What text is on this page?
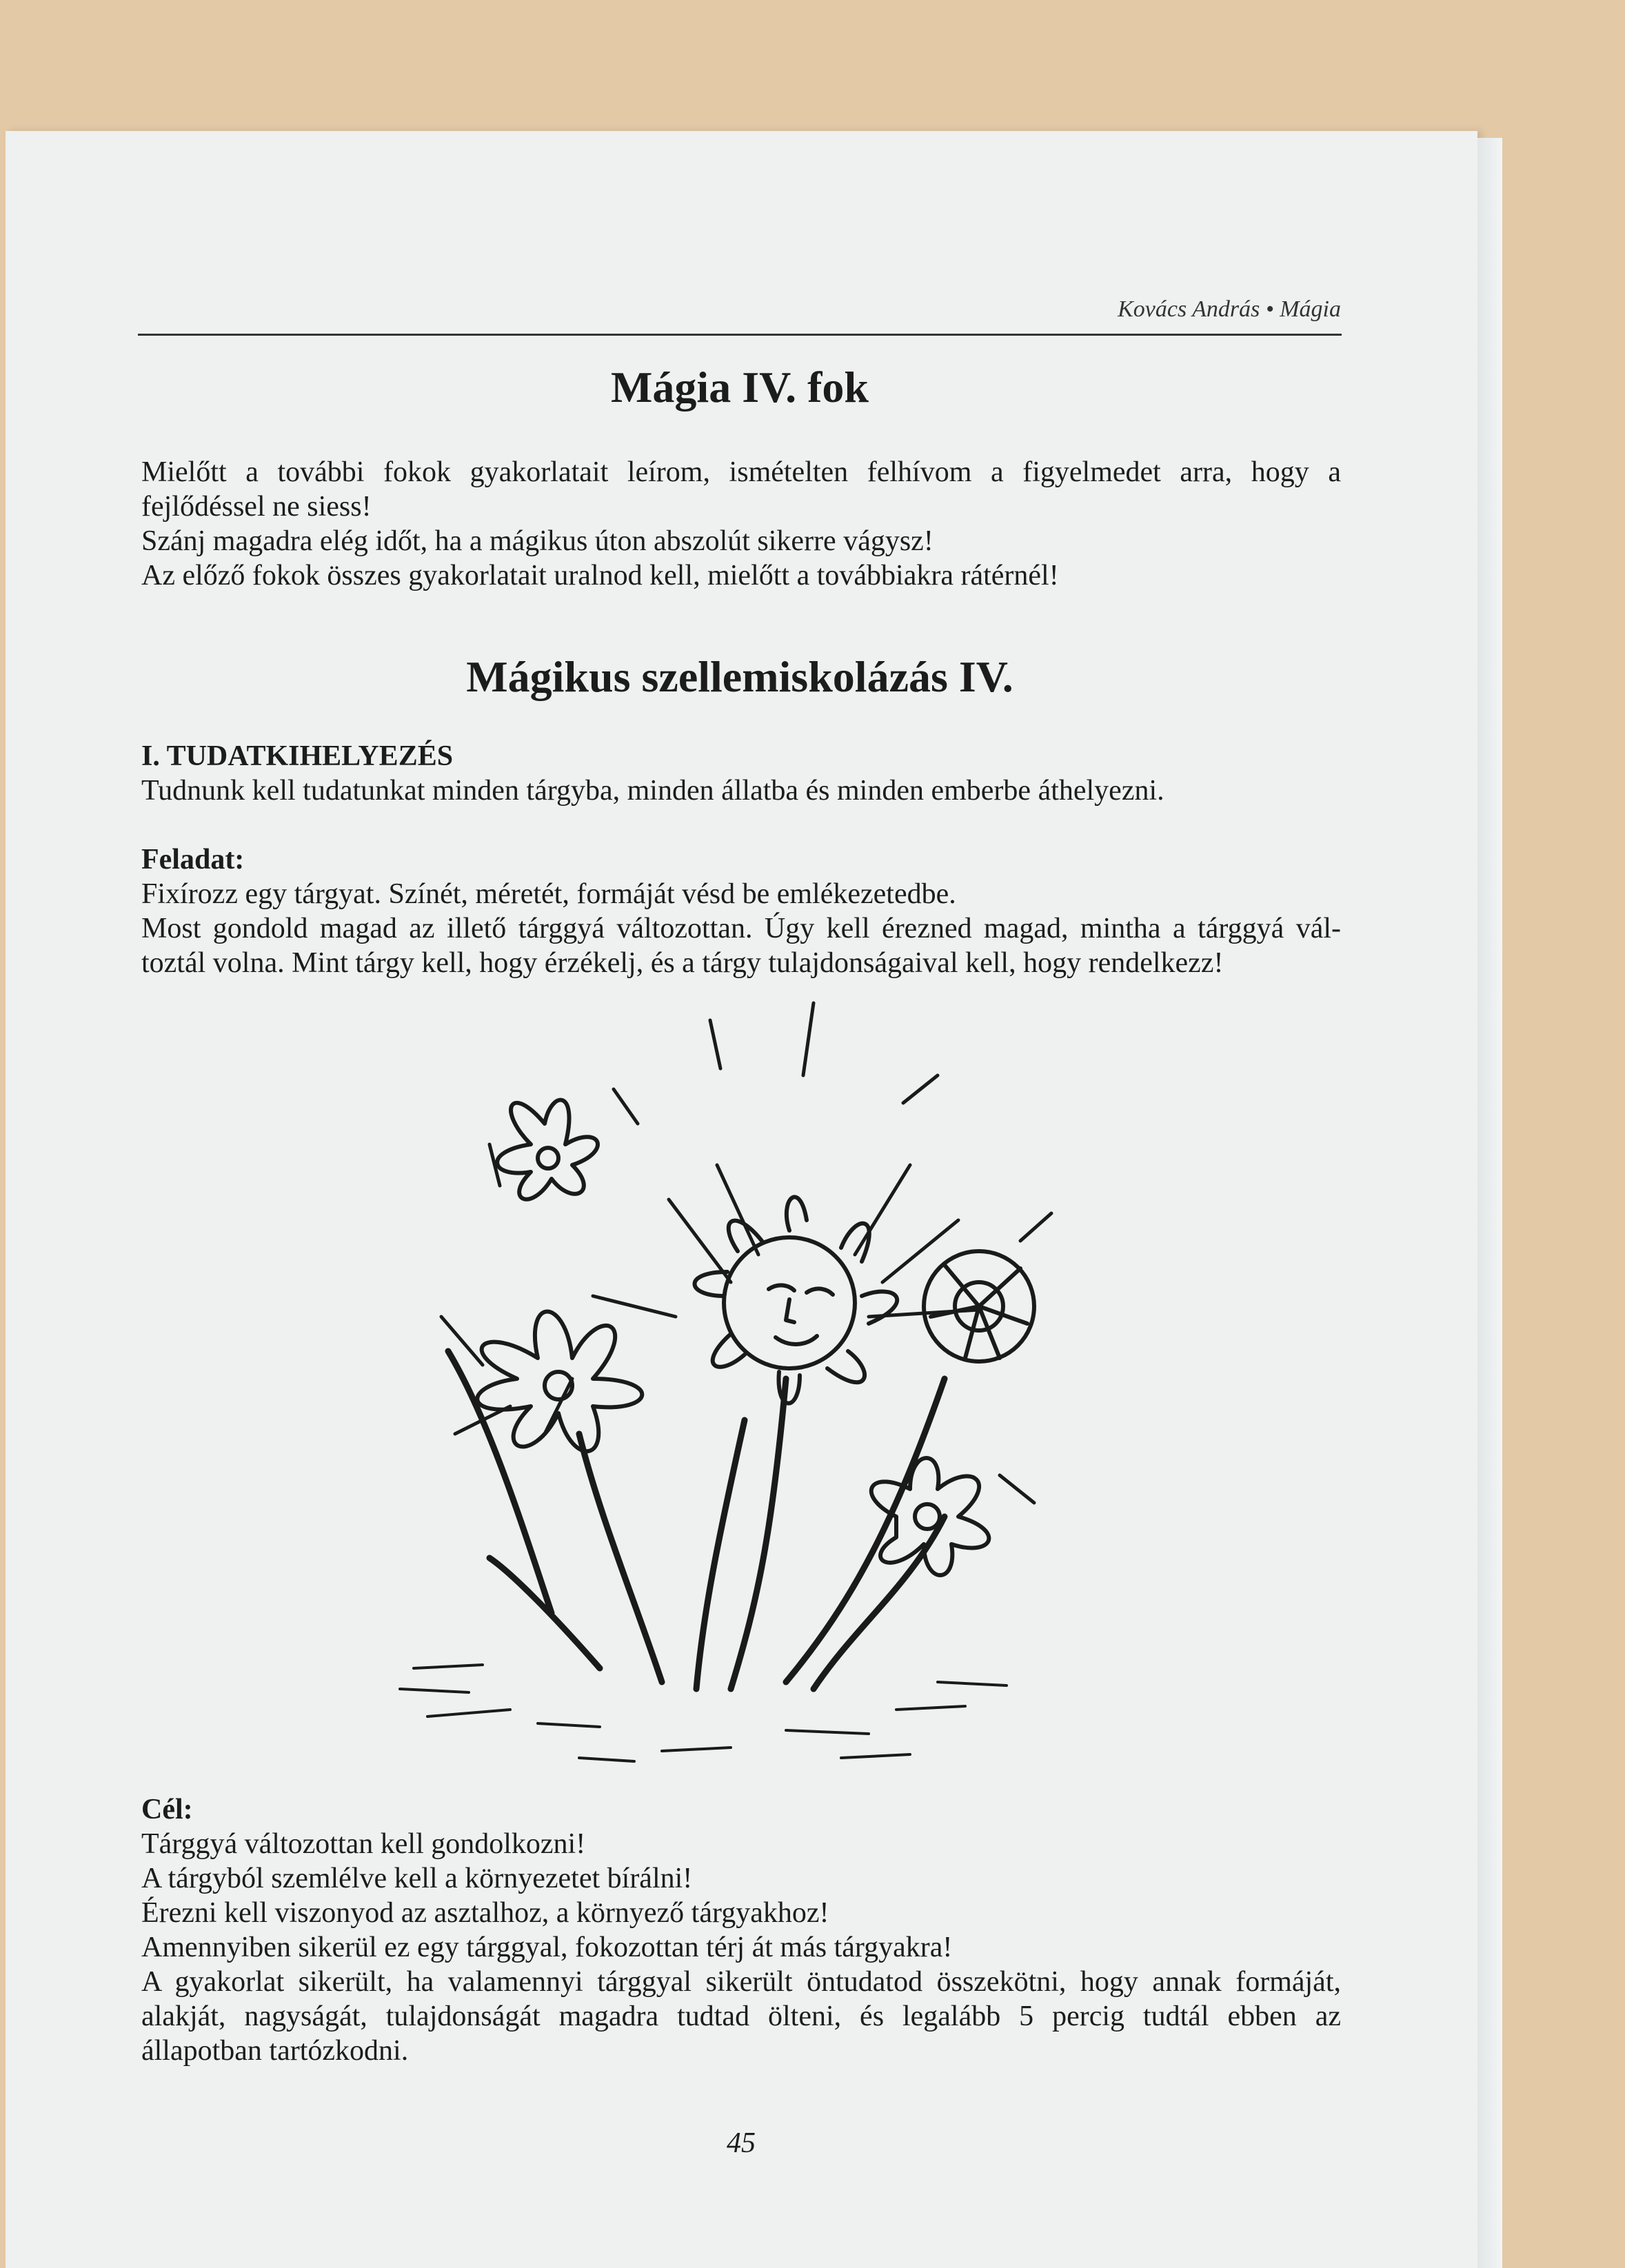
Kovács András • Mágia
Mágia IV. fok
Mielőtt a további fokok gyakorlatait leírom, ismételten felhívom a figyelmedet arra, hogy a
fejlődéssel ne siess!
Szánj magadra elég időt, ha a mágikus úton abszolút sikerre vágysz!
Az előző fokok összes gyakorlatait uralnod kell, mielőtt a továbbiakra rátérnél!
Mágikus szellemiskolázás IV.
I. TUDATKIHELYEZÉS
Tudnunk kell tudatunkat minden tárgyba, minden állatba és minden emberbe áthelyezni.

Feladat:
Fixírozz egy tárgyat. Színét, méretét, formáját vésd be emlékezetedbe.
Most gondold magad az illető tárggyá változottan. Úgy kell érezned magad, mintha a tárggyá vál-
toztál volna. Mint tárgy kell, hogy érzékelj, és a tárgy tulajdonságaival kell, hogy rendelkezz!
Cél:
Tárggyá változottan kell gondolkozni!
A tárgyból szemlélve kell a környezetet bírálni!
Érezni kell viszonyod az asztalhoz, a környező tárgyakhoz!
Amennyiben sikerül ez egy tárggyal, fokozottan térj át más tárgyakra!
A gyakorlat sikerült, ha valamennyi tárggyal sikerült öntudatod összekötni, hogy annak formáját,
alakját, nagyságát, tulajdonságát magadra tudtad ölteni, és legalább 5 percig tudtál ebben az
állapotban tartózkodni.
45
